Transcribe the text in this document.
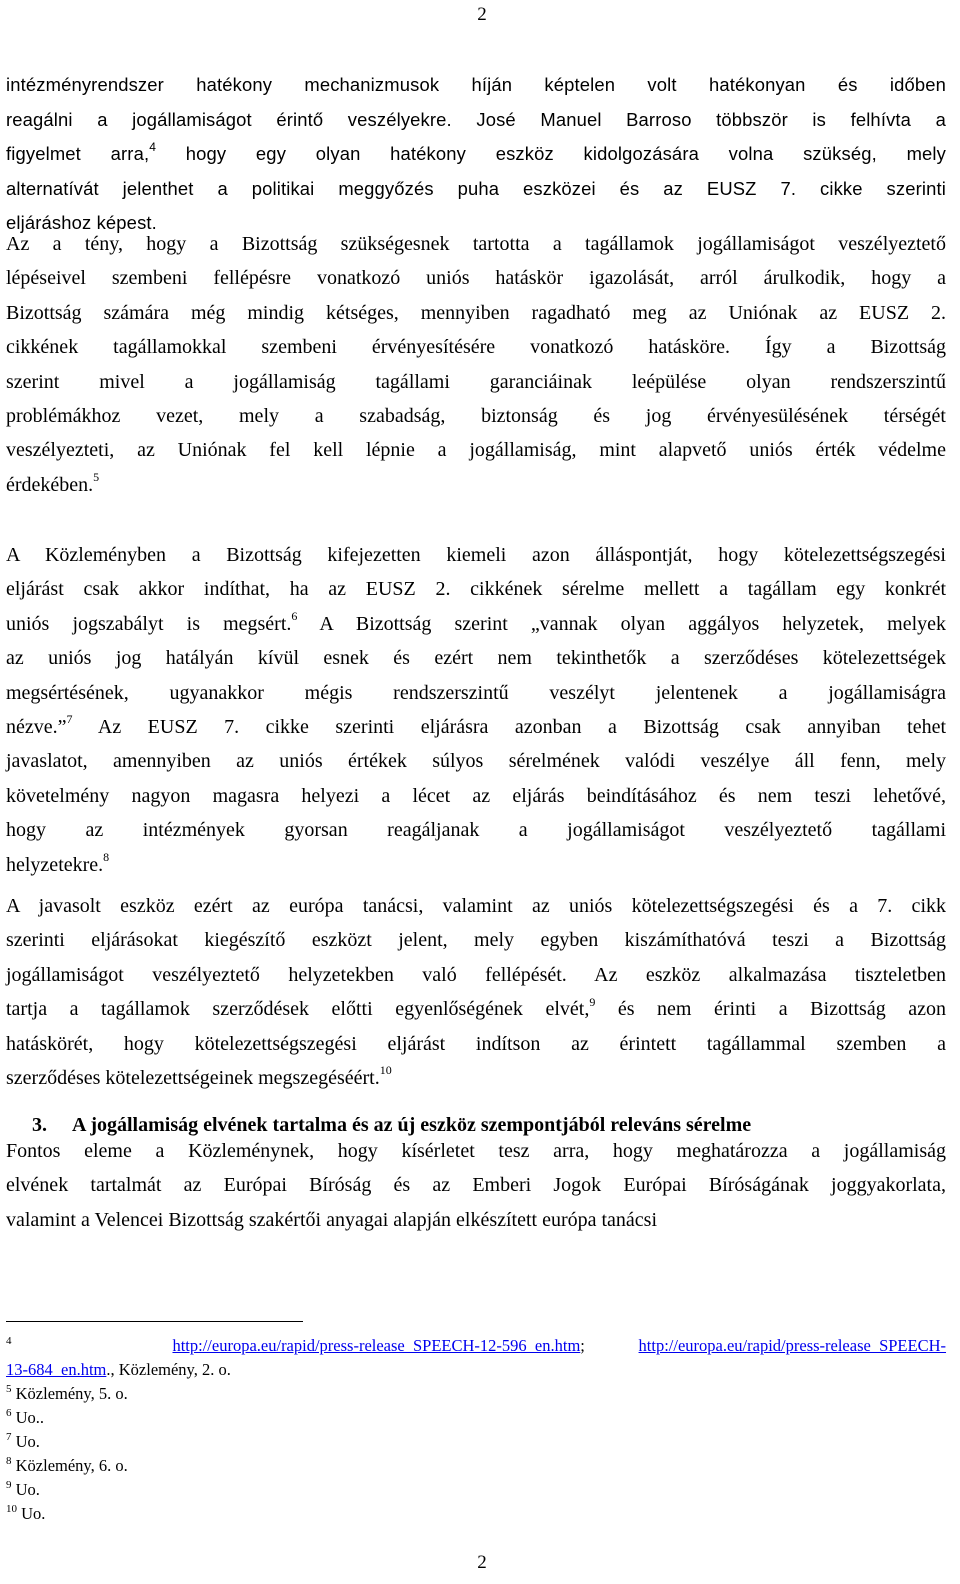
2
intézményrendszer hatékony mechanizmusok híján képtelen volt hatékonyan és időben
reagálni a jogállamiságot érintő veszélyekre. José Manuel Barroso többször is felhívta a
figyelmet arra,$^4$ hogy egy olyan hatékony eszköz kidolgozására volna szükség, mely
alternatívát jelenthet a politikai meggyőzés puha eszközei és az EUSZ 7. cikke szerinti
eljáráshoz képest.
Az a tény, hogy a Bizottság szükségesnek tartotta a tagállamok jogállamiságot veszélyeztető
lépéseivel szembeni fellépésre vonatkozó uniós hatáskör igazolását, arról árulkodik, hogy a
Bizottság számára még mindig kétséges, mennyiben ragadható meg az Uniónak az EUSZ 2.
cikkének tagállamokkal szembeni érvényesítésére vonatkozó hatásköre. Így a Bizottság
szerint mivel a jogállamiság tagállami garanciáinak leépülése olyan rendszerszintű
problémákhoz vezet, mely a szabadság, biztonság és jog érvényesülésének térségét
veszélyezteti, az Uniónak fel kell lépnie a jogállamiság, mint alapvető uniós érték védelme
érdekében.$^5$
A Közleményben a Bizottság kifejezetten kiemeli azon álláspontját, hogy kötelezettségszegési
eljárást csak akkor indíthat, ha az EUSZ 2. cikkének sérelme mellett a tagállam egy konkrét
uniós jogszabályt is megsért.$^6$ A Bizottság szerint „vannak olyan aggályos helyzetek, melyek
az uniós jog hatályán kívül esnek és ezért nem tekinthetők a szerződéses kötelezettségek
megsértésének, ugyanakkor mégis rendszerszintű veszélyt jelentenek a jogállamiságra
nézve.”$^7$ Az EUSZ 7. cikke szerinti eljárásra azonban a Bizottság csak annyiban tehet
javaslatot, amennyiben az uniós értékek súlyos sérelmének valódi veszélye áll fenn, mely
követelmény nagyon magasra helyezi a lécet az eljárás beindításához és nem teszi lehetővé,
hogy az intézmények gyorsan reagáljanak a jogállamiságot veszélyeztető tagállami
helyzetekre.$^8$
A javasolt eszköz ezért az európa tanácsi, valamint az uniós kötelezettségszegési és a 7. cikk
szerinti eljárásokat kiegészítő eszközt jelent, mely egyben kiszámíthatóvá teszi a Bizottság
jogállamiságot veszélyeztető helyzetekben való fellépését. Az eszköz alkalmazása tiszteletben
tartja a tagállamok szerződések előtti egyenlőségének elvét,$^9$ és nem érinti a Bizottság azon
hatáskörét, hogy kötelezettségszegési eljárást indítson az érintett tagállammal szemben a
szerződéses kötelezettségeinek megszegéséért.$^{10}$
3. A jogállamiság elvének tartalma és az új eszköz szempontjából releváns sérelme
Fontos eleme a Közleménynek, hogy kísérletet tesz arra, hogy meghatározza a jogállamiság
elvének tartalmát az Európai Bíróság és az Emberi Jogok Európai Bíróságának joggyakorlata,
valamint a Velencei Bizottság szakértői anyagai alapján elkészített európa tanácsi
$^4$	http://europa.eu/rapid/press-release_SPEECH-12-596_en.htm;	http://europa.eu/rapid/press-release_SPEECH-
13-684_en.htm., Közlemény, 2. o.
$^5$ Közlemény, 5. o.
$^6$ Uo..
$^7$ Uo.
$^8$ Közlemény, 6. o.
$^9$ Uo.
$^{10}$ Uo.
2
